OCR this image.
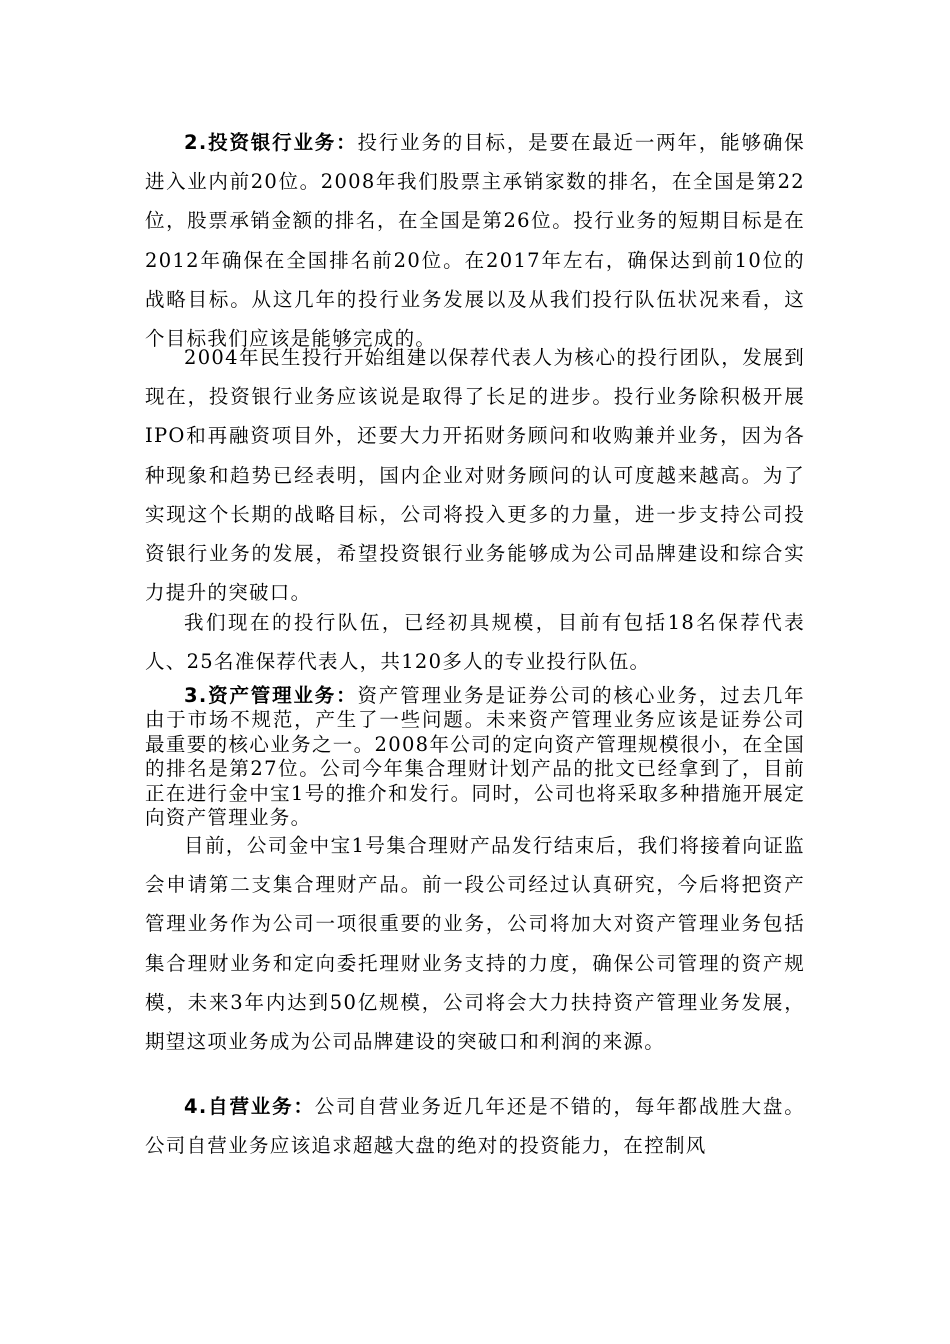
2.投资银行业务：投行业务的目标，是要在最近一两年，能够确保进入业内前20位。2008年我们股票主承销家数的排名，在全国是第22位，股票承销金额的排名，在全国是第26位。投行业务的短期目标是在2012年确保在全国排名前20位。在2017年左右，确保达到前10位的战略目标。从这几年的投行业务发展以及从我们投行队伍状况来看，这个目标我们应该是能够完成的。

2004年民生投行开始组建以保荐代表人为核心的投行团队，发展到现在，投资银行业务应该说是取得了长足的进步。投行业务除积极开展IPO和再融资项目外，还要大力开拓财务顾问和收购兼并业务，因为各种现象和趋势已经表明，国内企业对财务顾问的认可度越来越高。为了实现这个长期的战略目标，公司将投入更多的力量，进一步支持公司投资银行业务的发展，希望投资银行业务能够成为公司品牌建设和综合实力提升的突破口。

我们现在的投行队伍，已经初具规模，目前有包括18名保荐代表人、25名准保荐代表人，共120多人的专业投行队伍。

3.资产管理业务：资产管理业务是证券公司的核心业务，过去几年由于市场不规范，产生了一些问题。未来资产管理业务应该是证券公司最重要的核心业务之一。2008年公司的定向资产管理规模很小，在全国的排名是第27位。公司今年集合理财计划产品的批文已经拿到了，目前正在进行金中宝1号的推介和发行。同时，公司也将采取多种措施开展定向资产管理业务。

目前，公司金中宝1号集合理财产品发行结束后，我们将接着向证监会申请第二支集合理财产品。前一段公司经过认真研究，今后将把资产管理业务作为公司一项很重要的业务，公司将加大对资产管理业务包括集合理财业务和定向委托理财业务支持的力度，确保公司管理的资产规模，未来3年内达到50亿规模，公司将会大力扶持资产管理业务发展，期望这项业务成为公司品牌建设的突破口和利润的来源。

4.自营业务：公司自营业务近几年还是不错的，每年都战胜大盘。公司自营业务应该追求超越大盘的绝对的投资能力，在控制风
